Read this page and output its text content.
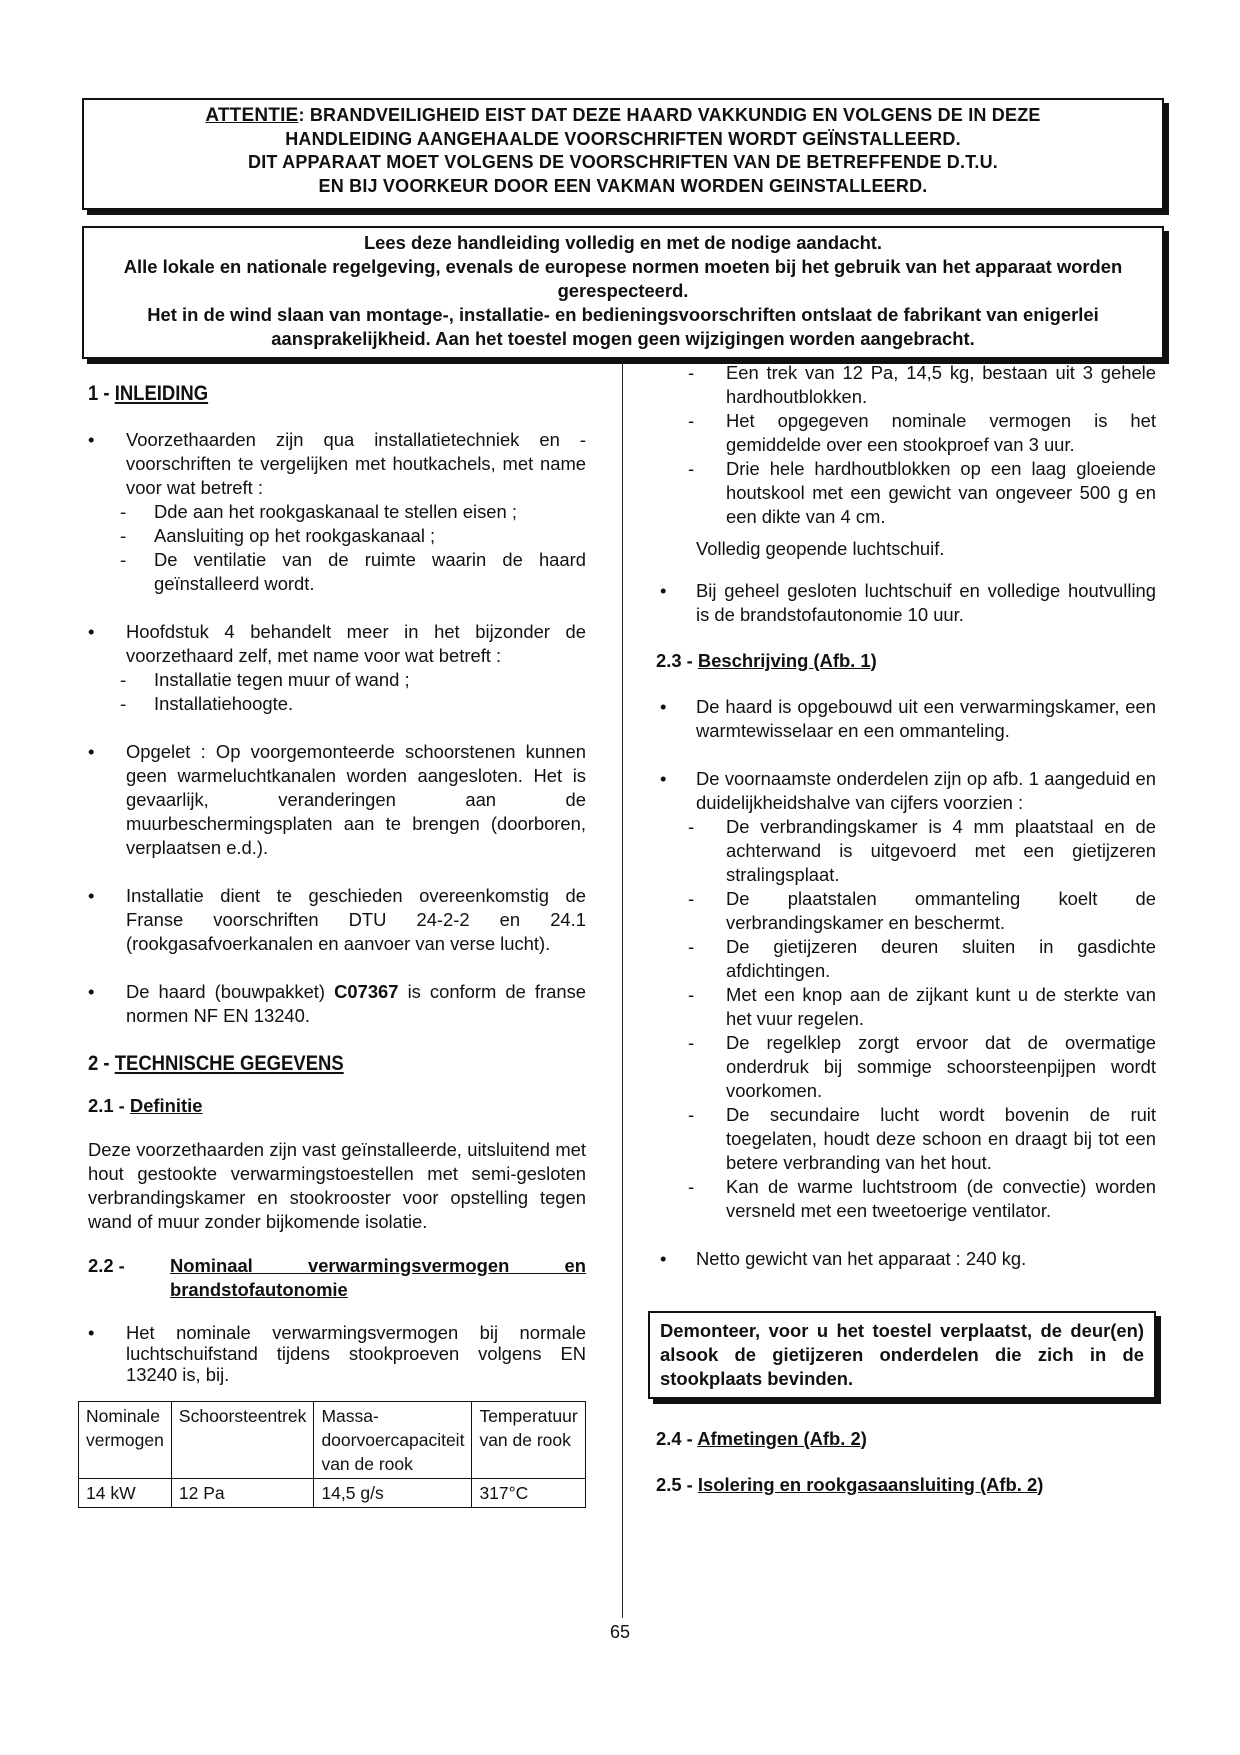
ATTENTIE: BRANDVEILIGHEID EIST DAT DEZE HAARD VAKKUNDIG EN VOLGENS DE IN DEZE
HANDLEIDING AANGEHAALDE VOORSCHRIFTEN WORDT GEÏNSTALLEERD.
DIT APPARAAT MOET VOLGENS DE VOORSCHRIFTEN VAN DE BETREFFENDE D.T.U.
EN BIJ VOORKEUR DOOR EEN VAKMAN WORDEN GEINSTALLEERD.
Lees deze handleiding volledig en met de nodige aandacht.
Alle lokale en nationale regelgeving, evenals de europese normen moeten bij het gebruik van het apparaat worden gerespecteerd.
Het in de wind slaan van montage-, installatie- en bedieningsvoorschriften ontslaat de fabrikant van enigerlei aansprakelijkheid. Aan het toestel mogen geen wijzigingen worden aangebracht.
1 - INLEIDING
• Voorzethaarden zijn qua installatietechniek en - voorschriften te vergelijken met houtkachels, met name voor wat betreft :
- Dde aan het rookgaskanaal te stellen eisen ;
- Aansluiting op het rookgaskanaal ;
- De ventilatie van de ruimte waarin de haard geïnstalleerd wordt.
• Hoofdstuk 4 behandelt meer in het bijzonder de voorzethaard zelf, met name voor wat betreft :
- Installatie tegen muur of wand ;
- Installatiehoogte.
• Opgelet : Op voorgemonteerde schoorstenen kunnen geen warmeluchtkanalen worden aangesloten. Het is gevaarlijk, veranderingen aan de muurbeschermingsplaten aan te brengen (doorboren, verplaatsen e.d.).
• Installatie dient te geschieden overeenkomstig de Franse voorschriften DTU 24-2-2 en 24.1 (rookgasafvoerkanalen en aanvoer van verse lucht).
• De haard (bouwpakket) C07367 is conform de franse normen NF EN 13240.
2 - TECHNISCHE GEGEVENS
2.1 - Definitie
Deze voorzethaarden zijn vast geïnstalleerde, uitsluitend met hout gestookte verwarmingstoestellen met semi-gesloten verbrandingskamer en stookrooster voor opstelling tegen wand of muur zonder bijkomende isolatie.
2.2 -	Nominaal verwarmingsvermogen en brandstofautonomie
• Het nominale verwarmingsvermogen bij normale luchtschuifstand tijdens stookproeven volgens EN 13240 is, bij.
Nominale vermogen	Schoorsteentrek	Massa-doorvoercapaciteit van de rook	Temperatuur van de rook
14 kW	12 Pa	14,5 g/s	317°C
- Een trek van 12 Pa, 14,5 kg, bestaan uit 3 gehele hardhoutblokken.
- Het opgegeven nominale vermogen is het gemiddelde over een stookproef van 3 uur.
- Drie hele hardhoutblokken op een laag gloeiende houtskool met een gewicht van ongeveer 500 g en een dikte van 4 cm.
Volledig geopende luchtschuif.
• Bij geheel gesloten luchtschuif en volledige houtvulling is de brandstofautonomie 10 uur.
2.3 - Beschrijving (Afb. 1)
• De haard is opgebouwd uit een verwarmingskamer, een warmtewisselaar en een ommanteling.
• De voornaamste onderdelen zijn op afb. 1 aangeduid en duidelijkheidshalve van cijfers voorzien :
- De verbrandingskamer is 4 mm plaatstaal en de achterwand is uitgevoerd met een gietijzeren stralingsplaat.
- De plaatstalen ommanteling koelt de verbrandingskamer en beschermt.
- De gietijzeren deuren sluiten in gasdichte afdichtingen.
- Met een knop aan de zijkant kunt u de sterkte van het vuur regelen.
- De regelklep zorgt ervoor dat de overmatige onderdruk bij sommige schoorsteenpijpen wordt voorkomen.
- De secundaire lucht wordt bovenin de ruit toegelaten, houdt deze schoon en draagt bij tot een betere verbranding van het hout.
- Kan de warme luchtstroom (de convectie) worden versneld met een tweetoerige ventilator.
• Netto gewicht van het apparaat : 240 kg.
Demonteer, voor u het toestel verplaatst, de deur(en) alsook de gietijzeren onderdelen die zich in de stookplaats bevinden.
2.4 - Afmetingen (Afb. 2)
2.5 - Isolering en rookgasaansluiting (Afb. 2)
65
